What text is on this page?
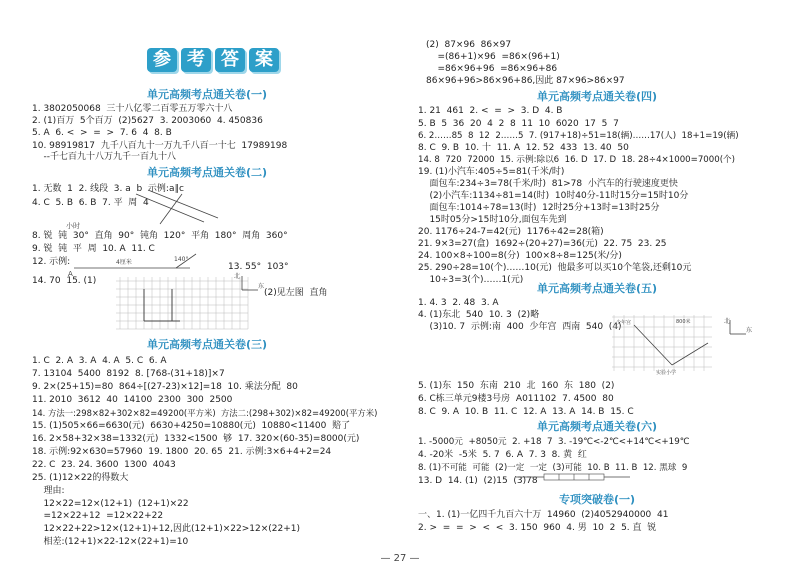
参 考 答 案
单元高频考点通关卷(一)
1. 3802050068  三十八亿零二百零五万零六十八
2. (1)百万  5个百万  (2)5627  3. 2003060  4. 450836
5. A  6. <  >  =  >  7. 6  4  8. B
10. 98919817  九千八百九十一万九千八百一十七  17989198
--千七百九十八万九千一百九十八
单元高频考点通关卷(二)
1. 无数  1  2. 线段  3. a  b  示例:a∥c
4. C  5. B  6. B  7. 平  周  4
小时
8. 锐  钝  30°  直角  90°  钝角  120°  平角  180°  周角  360°
9. 锐  钝  平  周  10. A  11. C
12. 示例:	4厘米	140°
A
13. 55°  103°
14. 70  15. (1)
(2)见左图  直角
北
东
单元高频考点通关卷(三)
1. C  2. A  3. A  4. A  5. C  6. A
7. 13104  5400  8192  8. [768-(31+18)]×7
9. 2×(25+15)=80  864÷[(27-23)×12]=18  10. 乘法分配  80
11. 2010  3612  40  14100  2300  300  2500
14. 方法一:298×82+302×82=49200(平方米)  方法二:(298+302)×82=49200(平方米)
15. (1)505×66=6630(元)  6630+4250=10880(元)  10880<11400  赔了
16. 2×58+32×38=1332(元)  1332<1500  够  17. 320×(60-35)=8000(元)
18. 示例:92×630=57960  19. 1800  20. 65  21. 示例:3×6+4+2=24
22. C  23. 24. 3600  1300  4043
25. (1)12×22的得数大
理由:
12×22=12×(12+1)  (12+1)×22
=12×22+12  =12×22+22
12×22+22>12×(12+1)+12,因此(12+1)×22>12×(22+1)
相差:(12+1)×22-12×(22+1)=10
(2)  87×96  86×97
=(86+1)×96  =86×(96+1)
=86×96+96  =86×96+86
86×96+96>86×96+86,因此 87×96>86×97
单元高频考点通关卷(四)
1. 21  461  2. <  =  >  3. D  4. B
5. B  5  36  20  4  2  8  11  10  6020  17  5  7
6. 2……85  8  12  2……5  7. (917+18)÷51=18(辆)……17(人)  18+1=19(辆)
8. C  9. B  10. 十  11. A  12. 52  433  13. 40  50
14. 8  720  72000  15. 示例:除以6  16. D  17. D  18. 28÷4×1000=7000(个)
19. (1)小汽车:405÷5=81(千米/时)
面包车:234÷3=78(千米/时)  81>78  小汽车的行驶速度更快
(2)小汽车:1134÷81=14(时)  10时40分-11时15分=15时10分
面包车:1014÷78=13(时)  12时25分+13时=13时25分
15时05分>15时10分,面包车先到
20. 1176÷24-7=42(元)  1176÷42=28(箱)
21. 9×3=27(盒)  1692÷(20+27)=36(元)  22. 75  23. 25
24. 100×8÷100=8(分)  100×8÷8=125(米/分)
25. 290÷28=10(个)……10(元)  他最多可以买10个笔袋,还剩10元
10÷3=3(个)……1(元)
单元高频考点通关卷(五)
1. 4. 3  2. 48  3. A
4. (1)东北  540  10. 3  (2)略
(3)10. 7  示例:南  400  少年宫  西南  540  (4)	800米
少年宫
实验小学
北
东
5. (1)东  150  东南  210  北  160  东  180  (2)
6. C栋三单元9楼3号房  A011102  7. 4500  80
8. C  9. A  10. B  11. C  12. A  13. A  14. B  15. C
单元高频考点通关卷(六)
1. -5000元  +8050元  2. +18  7  3. -19℃<-2℃<+14℃<+19℃
4. -20米  -5米  5. 7  6. A  7. 3  8. 黄  红
8. (1)不可能  可能  (2)一定  一定  (3)可能  10. B  11. B  12. 黑球  9
13. D  14. (1)  (2)15  (3)78
专项突破卷(一)
一、1. (1)一亿四千九百六十万  14960  (2)4052940000  41
2. >  =  =  >  <  <  3. 150  960  4. 男  10  2  5. 直  锐
— 27 —
